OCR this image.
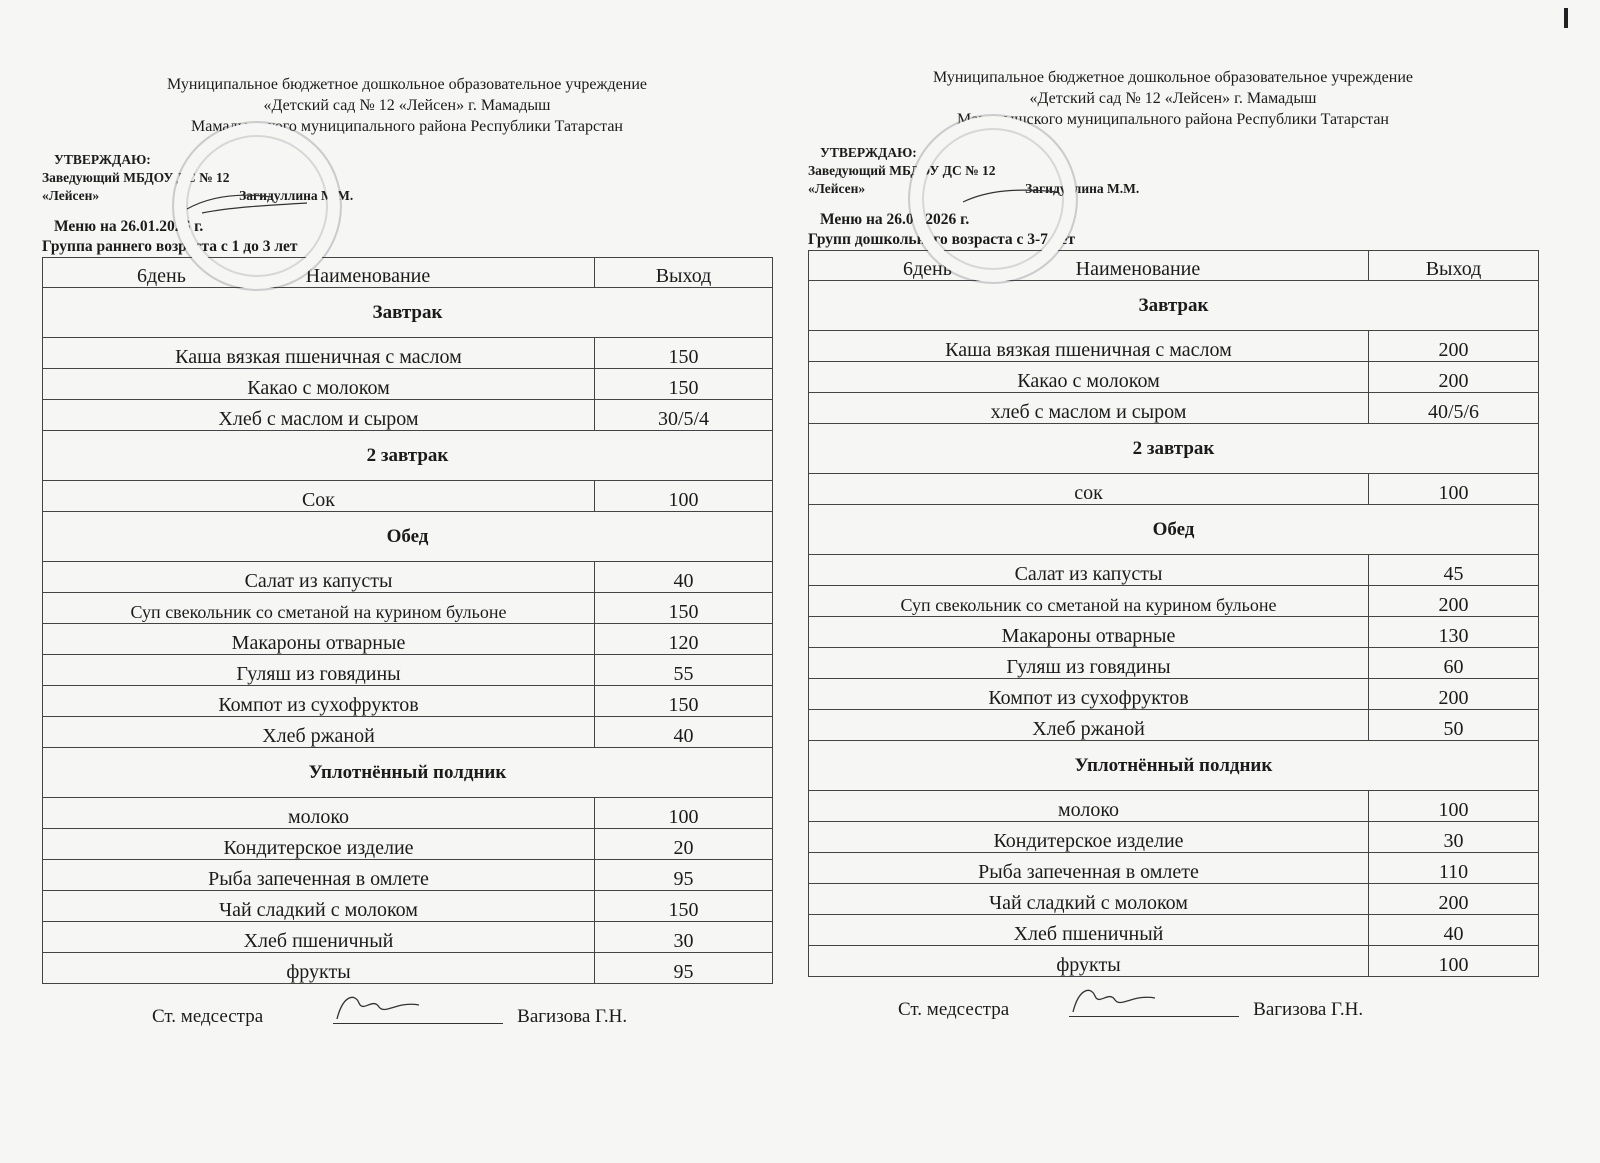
Муниципальное бюджетное дошкольное образовательное учреждение
«Детский сад № 12 «Лейсен» г. Мамадыш
Мамадышского муниципального района Республики Татарстан
УТВЕРЖДАЮ:
Заведующий МБДОУ ДС № 12
«Лейсен»	Загидуллина М.М.
Меню на 26.01.2026 г.
Группа раннего возраста с 1 до 3 лет
6день Наименование	Выход
Завтрак	
Каша вязкая пшеничная с маслом	150
Какао с молоком	150
Хлеб с маслом и сыром	30/5/4
2 завтрак	
Сок	100
Обед	
Салат из капусты	40
Суп свекольник со сметаной на курином бульоне	150
Макароны отварные	120
Гуляш из говядины	55
Компот из сухофруктов	150
Хлеб ржаной	40
Уплотнённый полдник	
молоко	100
Кондитерское изделие	20
Рыба запеченная в омлете	95
Чай сладкий с молоком	150
Хлеб пшеничный	30
фрукты	95
Ст. медсестра	Вагизова Г.Н.
Муниципальное бюджетное дошкольное образовательное учреждение
«Детский сад № 12 «Лейсен» г. Мамадыш
Мамадышского муниципального района Республики Татарстан
УТВЕРЖДАЮ:
Заведующий МБДОУ ДС № 12
«Лейсен»	Загидуллина М.М.
Меню на 26.01.2026 г.
Групп дошкольного возраста с 3-7 лет
6день Наименование	Выход
Завтрак	
Каша вязкая пшеничная с маслом	200
Какао с молоком	200
хлеб с маслом и сыром	40/5/6
2 завтрак	
сок	100
Обед	
Салат из капусты	45
Суп свекольник со сметаной на курином бульоне	200
Макароны отварные	130
Гуляш из говядины	60
Компот из сухофруктов	200
Хлеб ржаной	50
Уплотнённый полдник	
молоко	100
Кондитерское изделие	30
Рыба запеченная в омлете	110
Чай сладкий с молоком	200
Хлеб пшеничный	40
фрукты	100
Ст. медсестра	Вагизова Г.Н.
